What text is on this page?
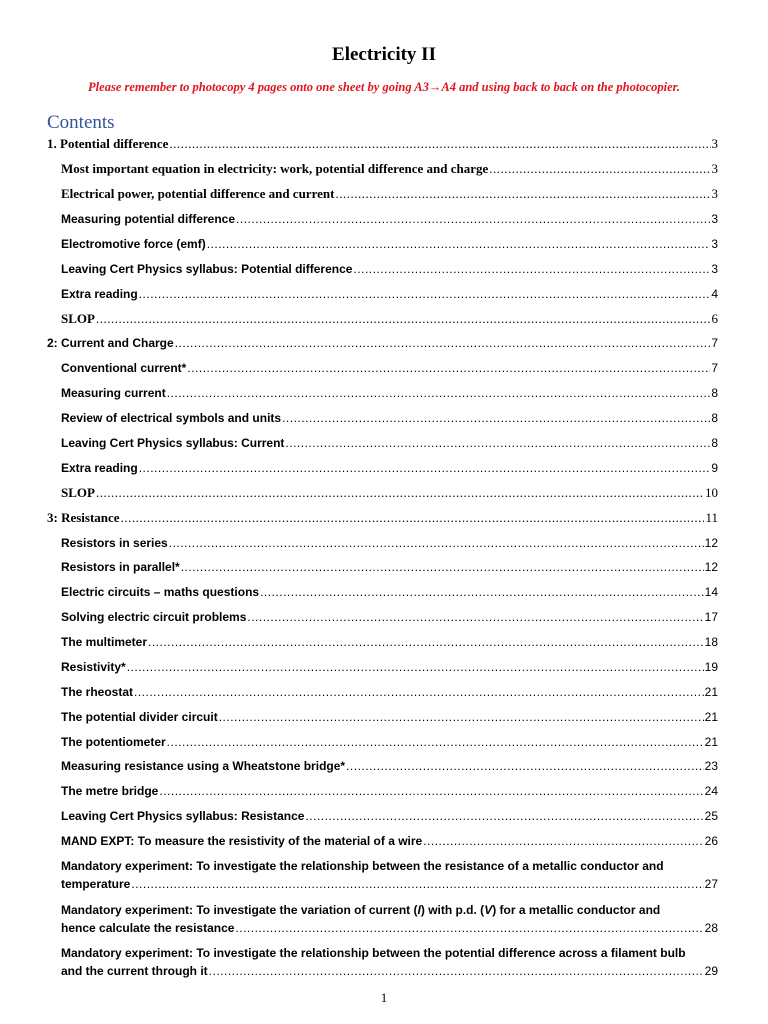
Electricity II
Please remember to photocopy 4 pages onto one sheet by going A3→A4 and using back to back on the photocopier.
Contents
1. Potential difference .....	3
Most important equation in electricity: work, potential difference and charge .....	3
Electrical power, potential difference and current .....	3
Measuring potential difference .....	3
Electromotive force (emf) .....	3
Leaving Cert Physics syllabus: Potential difference .....	3
Extra reading .....	4
SLOP .....	6
2: Current and Charge .....	7
Conventional current* .....	7
Measuring current .....	8
Review of electrical symbols and units .....	8
Leaving Cert Physics syllabus: Current .....	8
Extra reading .....	9
SLOP .....	10
3: Resistance .....	11
Resistors in series .....	12
Resistors in parallel* .....	12
Electric circuits – maths questions .....	14
Solving electric circuit problems .....	17
The multimeter .....	18
Resistivity* .....	19
The rheostat .....	21
The potential divider circuit .....	21
The potentiometer .....	21
Measuring resistance using a Wheatstone bridge* .....	23
The metre bridge .....	24
Leaving Cert Physics syllabus: Resistance .....	25
MAND EXPT: To measure the resistivity of the material of a wire .....	26
Mandatory experiment: To investigate the relationship between the resistance of a metallic conductor and
temperature .....	27
Mandatory experiment: To investigate the variation of current (I) with p.d. (V) for a metallic conductor and
hence calculate the resistance .....	28
Mandatory experiment: To investigate the relationship between the potential difference across a filament bulb
and the current through it .....	29
1
